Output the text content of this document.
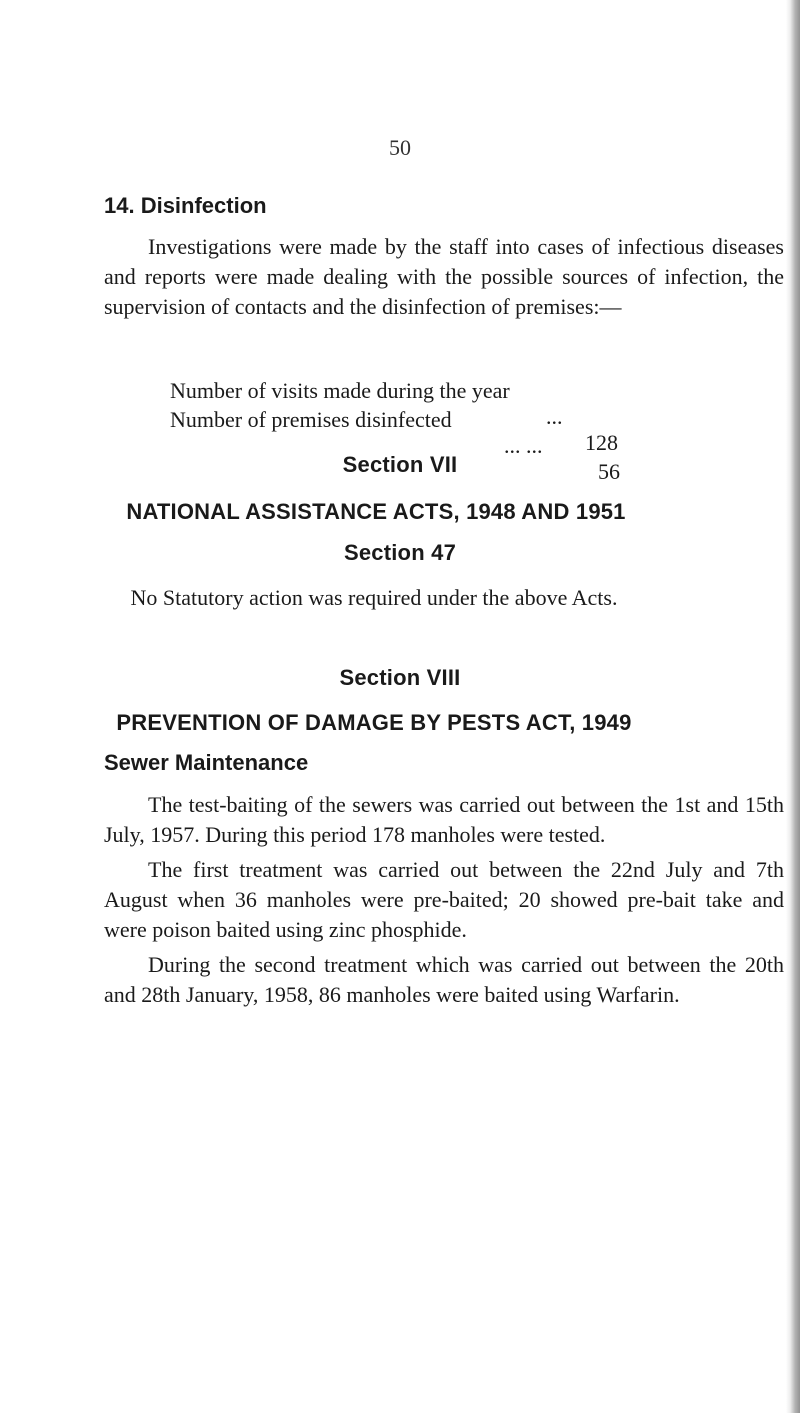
50
14. Disinfection

Investigations were made by the staff into cases of infectious diseases and reports were made dealing with the possible sources of infection, the supervision of contacts and the disinfection of premises:—

Number of visits made during the year

...

128

Number of premises disinfected

... ...

56

Section VII
NATIONAL ASSISTANCE ACTS, 1948 AND 1951
Section 47
No Statutory action was required under the above Acts.
Section VIII
PREVENTION OF DAMAGE BY PESTS ACT, 1949
Sewer Maintenance

The test-baiting of the sewers was carried out between the 1st and 15th July, 1957. During this period 178 manholes were tested.

The first treatment was carried out between the 22nd July and 7th August when 36 manholes were pre-baited; 20 showed pre-bait take and were poison baited using zinc phosphide.

During the second treatment which was carried out between the 20th and 28th January, 1958, 86 manholes were baited using Warfarin.
